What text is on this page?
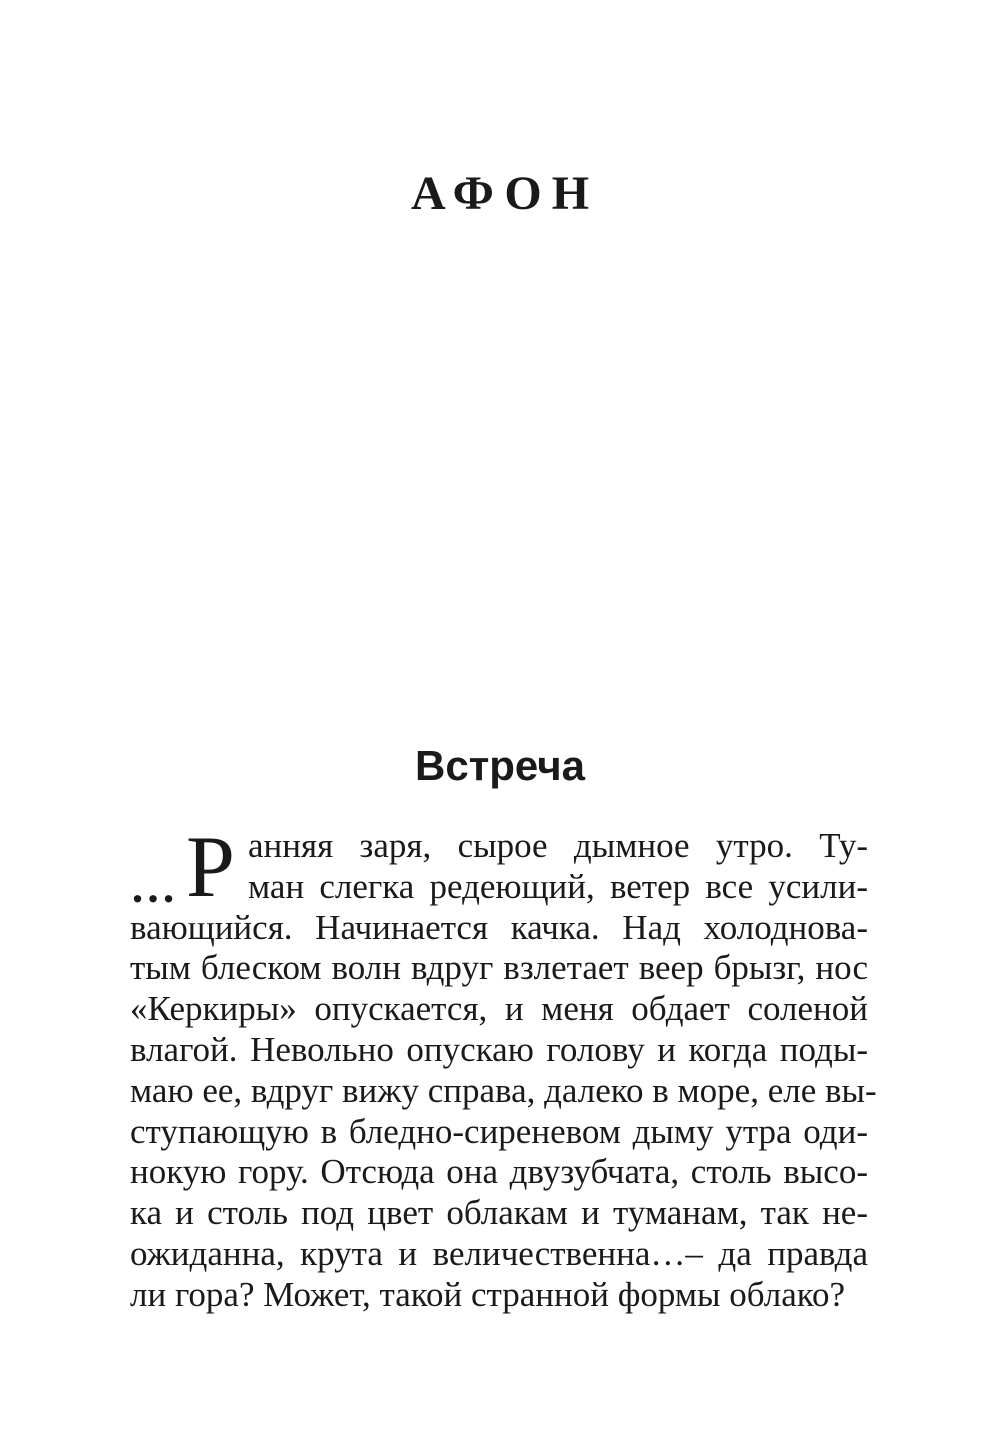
АФОН
Встреча
… Р анняя заря, сырое дымное утро. Ту-
ман слегка редеющий, ветер все усили-
вающийся. Начинается качка. Над холоднова-
тым блеском волн вдруг взлетает веер брызг, нос
«Керкиры» опускается, и меня обдает соленой
влагой. Невольно опускаю голову и когда поды-
маю ее, вдруг вижу справа, далеко в море, еле вы-
ступающую в бледно-сиреневом дыму утра оди-
нокую гору. Отсюда она двузубчата, столь высо-
ка и столь под цвет облакам и туманам, так не-
ожиданна, крута и величественна…– да правда
ли гора? Может, такой странной формы облако?
